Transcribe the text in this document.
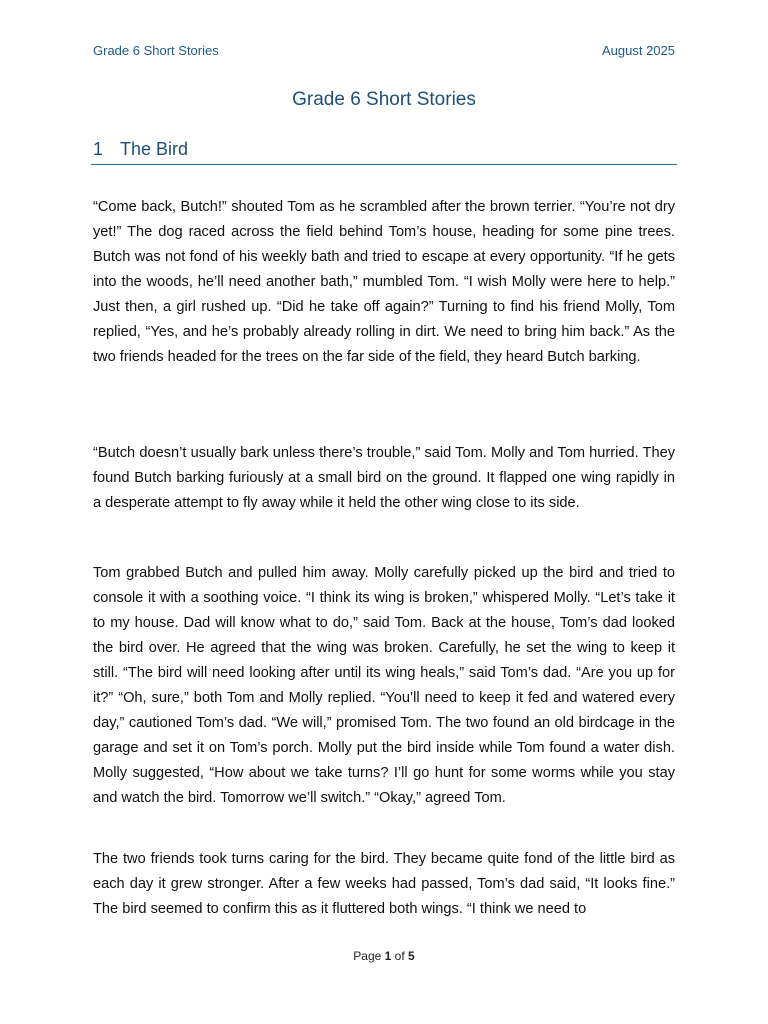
Grade 6 Short Stories	August 2025
Grade 6 Short Stories
1 The Bird

“Come back, Butch!” shouted Tom as he scrambled after the brown terrier. “You’re not dry yet!” The dog raced across the field behind Tom’s house, heading for some pine trees. Butch was not fond of his weekly bath and tried to escape at every opportunity. “If he gets into the woods, he’ll need another bath,” mumbled Tom. “I wish Molly were here to help.” Just then, a girl rushed up. “Did he take off again?” Turning to find his friend Molly, Tom replied, “Yes, and he’s probably already rolling in dirt. We need to bring him back.” As the two friends headed for the trees on the far side of the field, they heard Butch barking.

“Butch doesn’t usually bark unless there’s trouble,” said Tom. Molly and Tom hurried. They found Butch barking furiously at a small bird on the ground. It flapped one wing rapidly in a desperate attempt to fly away while it held the other wing close to its side.

Tom grabbed Butch and pulled him away. Molly carefully picked up the bird and tried to console it with a soothing voice. “I think its wing is broken,” whispered Molly. “Let’s take it to my house. Dad will know what to do,” said Tom. Back at the house, Tom’s dad looked the bird over. He agreed that the wing was broken. Carefully, he set the wing to keep it still. “The bird will need looking after until its wing heals,” said Tom’s dad. “Are you up for it?” “Oh, sure,” both Tom and Molly replied. “You’ll need to keep it fed and watered every day,” cautioned Tom’s dad. “We will,” promised Tom. The two found an old birdcage in the garage and set it on Tom’s porch. Molly put the bird inside while Tom found a water dish. Molly suggested, “How about we take turns? I’ll go hunt for some worms while you stay and watch the bird. Tomorrow we’ll switch.” “Okay,” agreed Tom.

The two friends took turns caring for the bird. They became quite fond of the little bird as each day it grew stronger. After a few weeks had passed, Tom’s dad said, “It looks fine.” The bird seemed to confirm this as it fluttered both wings. “I think we need to

Page 1 of 5
